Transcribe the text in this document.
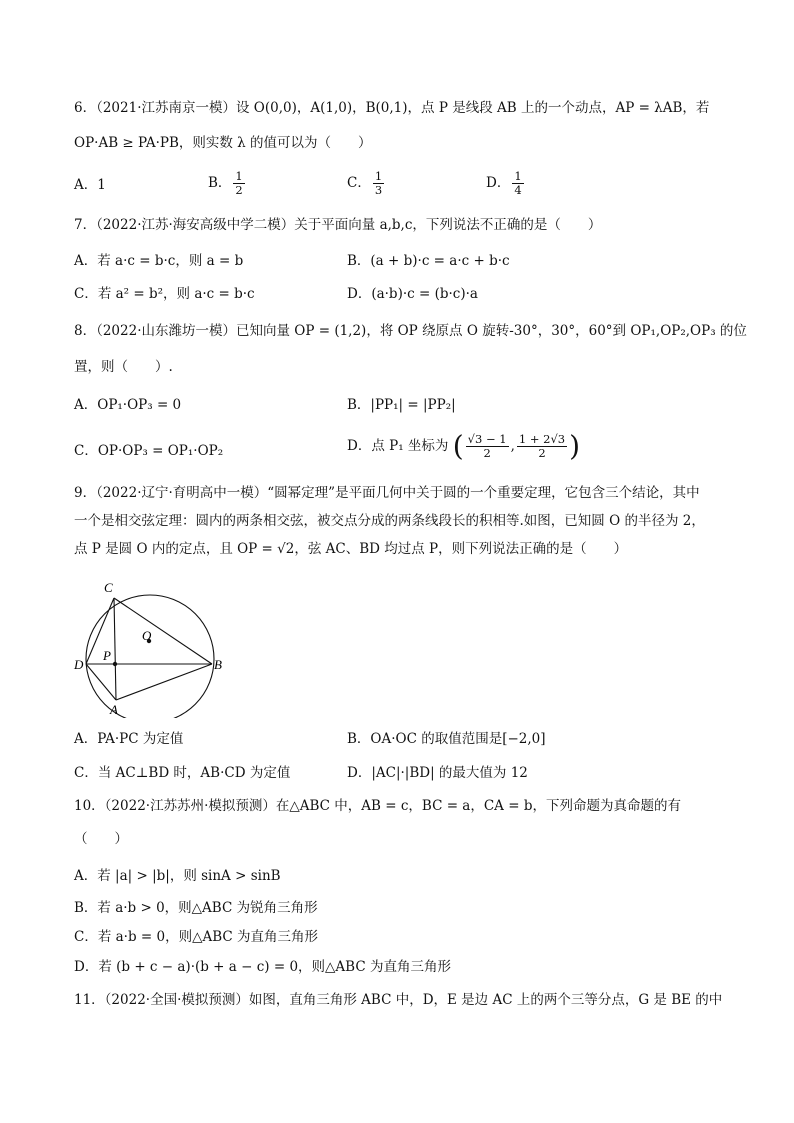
6．（2021·江苏南京一模）设 O(0,0)，A(1,0)，B(0,1)，点 P 是线段 AB 上的一个动点，AP = λAB，若
OP·AB ≥ PA·PB，则实数 λ 的值可以为（　　）
A．1	B． $\frac{1}{2}$	C． $\frac{1}{3}$	D． $\frac{1}{4}$
7．（2022·江苏·海安高级中学二模）关于平面向量 a,b,c，下列说法不正确的是（　　）
A．若 a·c = b·c，则 a = b	B．(a + b)·c = a·c + b·c
C．若 a² = b²，则 a·c = b·c	D．(a·b)·c = (b·c)·a
8．（2022·山东潍坊一模）已知向量 OP = (1,2)，将 OP 绕原点 O 旋转-30°，30°，60°到 OP₁,OP₂,OP₃ 的位
置，则（　　）.
A．OP₁·OP₃ = 0	B．|PP₁| = |PP₂|
C．OP·OP₃ = OP₁·OP₂	D．点 P₁ 坐标为 ( $\frac{√3 - 1}{2}$ , $\frac{1 + 2√3}{2}$ )
9．（2022·辽宁·育明高中一模）“圆幂定理”是平面几何中关于圆的一个重要定理，它包含三个结论，其中
一个是相交弦定理：圆内的两条相交弦，被交点分成的两条线段长的积相等.如图，已知圆 O 的半径为 2，
点 P 是圆 O 内的定点，且 OP = √2，弦 AC、BD 均过点 P，则下列说法正确的是（　　）
C
O
D
P
B
A
A．PA·PC 为定值	B．OA·OC 的取值范围是[−2,0]
C．当 AC⊥BD 时，AB·CD 为定值	D．|AC|·|BD| 的最大值为 12
10．（2022·江苏苏州·模拟预测）在△ABC 中，AB = c，BC = a，CA = b，下列命题为真命题的有
（　　）
A．若 |a| > |b|，则 sinA > sinB
B．若 a·b > 0，则△ABC 为锐角三角形
C．若 a·b = 0，则△ABC 为直角三角形
D．若 (b + c − a)·(b + a − c) = 0，则△ABC 为直角三角形
11．（2022·全国·模拟预测）如图，直角三角形 ABC 中，D，E 是边 AC 上的两个三等分点，G 是 BE 的中
